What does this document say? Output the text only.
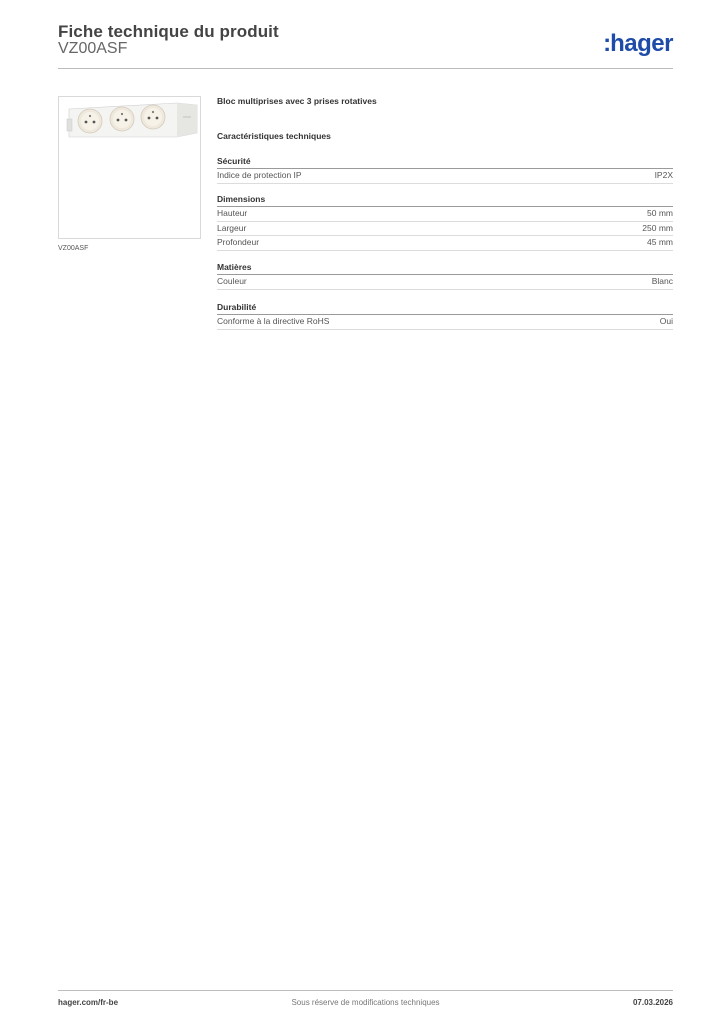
Fiche technique du produit
VZ00ASF	:hager
VZ00ASF
Bloc multiprises avec 3 prises rotatives
Caractéristiques techniques
Sécurité
Indice de protection IP	IP2X
Dimensions
Hauteur	50 mm
Largeur	250 mm
Profondeur	45 mm
Matières
Couleur	Blanc
Durabilité
Conforme à la directive RoHS	Oui
hager.com/fr-be	Sous réserve de modifications techniques	07.03.2026
